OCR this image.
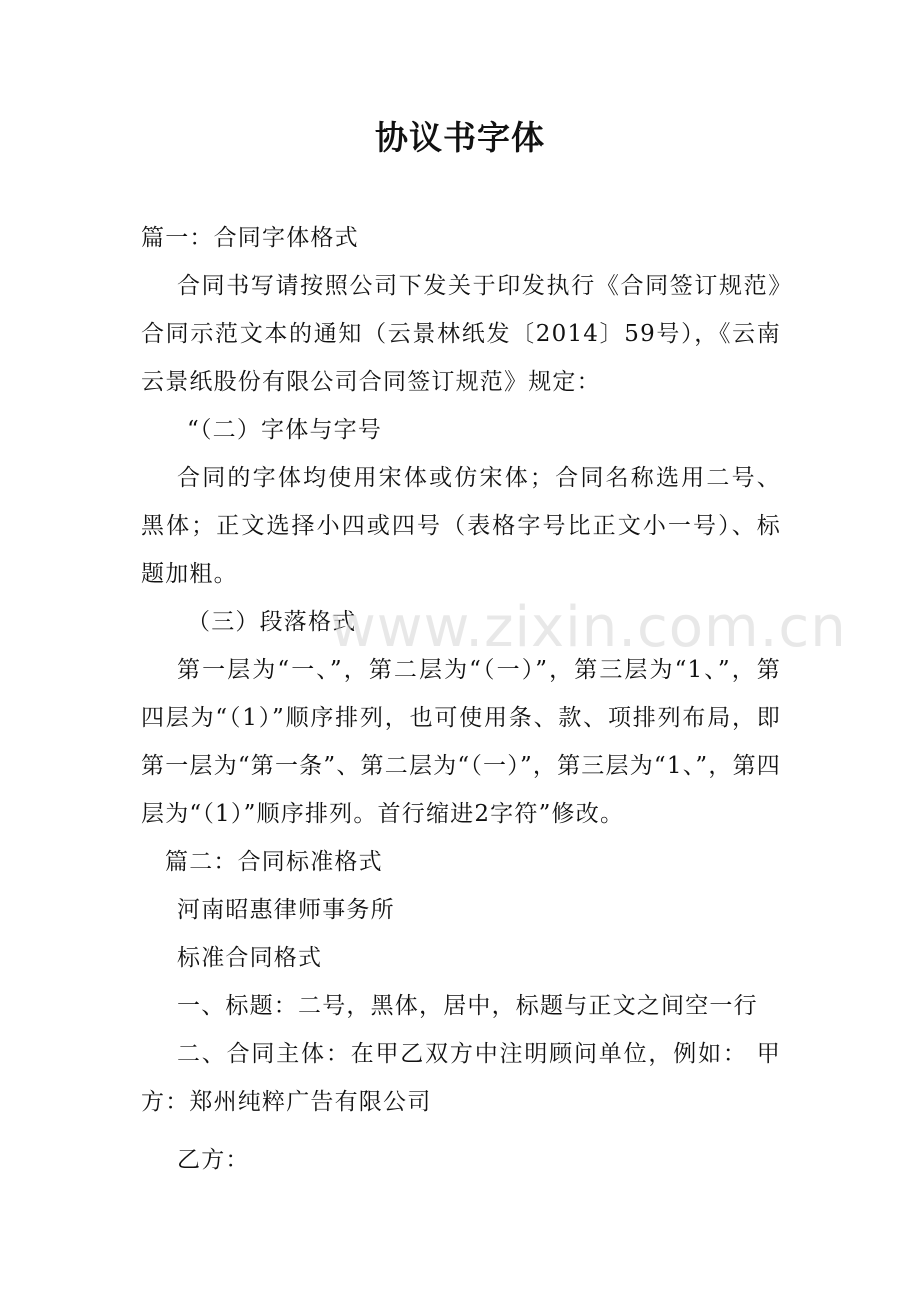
协议书字体

篇一：合同字体格式

合同书写请按照公司下发关于印发执行《合同签订规范》合同示范文本的通知（云景林纸发〔2014〕59号），《云南云景纸股份有限公司合同签订规范》规定：

“（二）字体与字号

合同的字体均使用宋体或仿宋体；合同名称选用二号、黑体；正文选择小四或四号（表格字号比正文小一号）、标题加粗。

（三）段落格式

第一层为“一、”，第二层为“（一）”，第三层为“1、”，第四层为“（1）”顺序排列，也可使用条、款、项排列布局，即第一层为“第一条”、第二层为“（一）”，第三层为“1、”，第四层为“（1）”顺序排列。首行缩进2字符”修改。

篇二：合同标准格式

河南昭惠律师事务所

标准合同格式

一、标题：二号，黑体，居中，标题与正文之间空一行

二、合同主体：在甲乙双方中注明顾问单位，例如： 甲方：郑州纯粹广告有限公司

乙方：

www.zixin.com.cn
